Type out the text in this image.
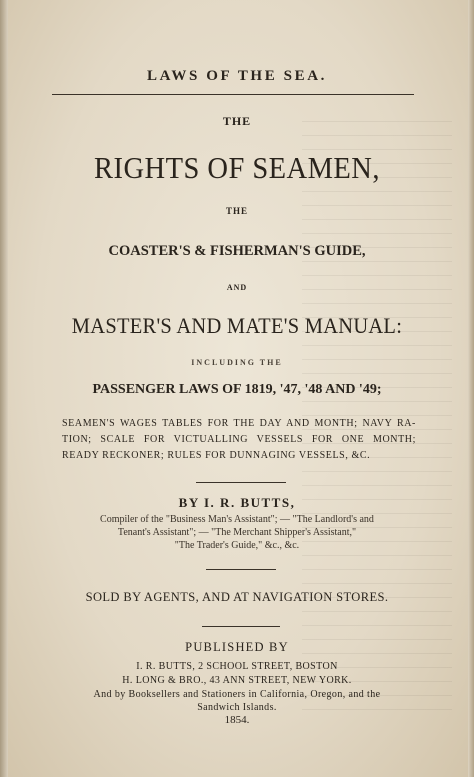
LAWS OF THE SEA.
THE
RIGHTS OF SEAMEN,
THE
COASTER'S & FISHERMAN'S GUIDE,
AND
MASTER'S AND MATE'S MANUAL:
INCLUDING THE
PASSENGER LAWS OF 1819, '47, '48 AND '49;
SEAMEN'S WAGES TABLES FOR THE DAY AND MONTH; NAVY RA-
TION; SCALE FOR VICTUALLING VESSELS FOR ONE MONTH;
READY RECKONER; RULES FOR DUNNAGING VESSELS, &C.
BY I. R. BUTTS,
Compiler of the "Business Man's Assistant"; — "The Landlord's and
Tenant's Assistant"; — "The Merchant Shipper's Assistant,"
"The Trader's Guide," &c., &c.
SOLD BY AGENTS, AND AT NAVIGATION STORES.
PUBLISHED BY
I. R. BUTTS, 2 SCHOOL STREET, BOSTON
H. LONG & BRO., 43 ANN STREET, NEW YORK.
And by Booksellers and Stationers in California, Oregon, and the
Sandwich Islands.
1854.
